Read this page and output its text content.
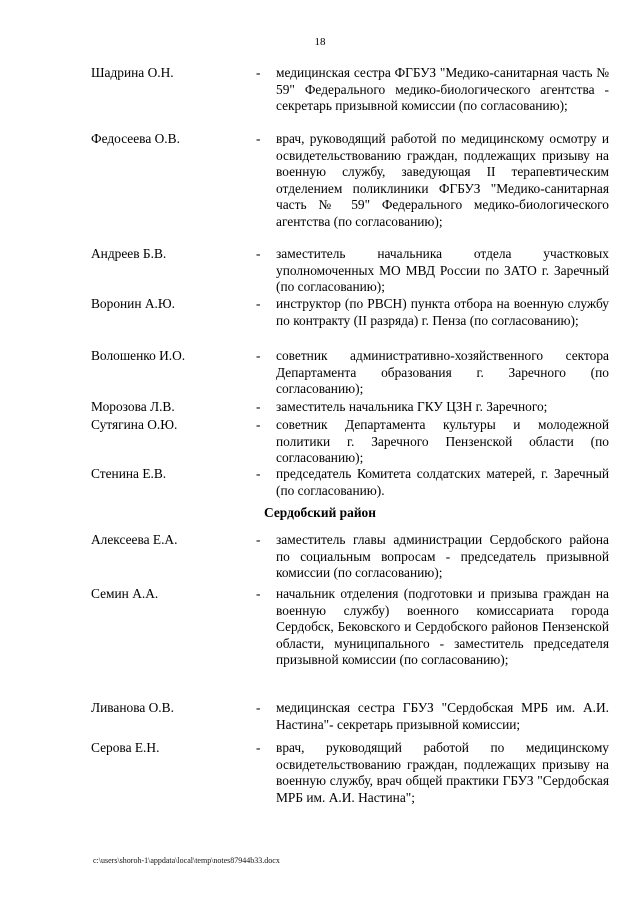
18
Шадрина О.Н.	- медицинская сестра ФГБУЗ "Медико-санитарная часть № 59" Федерального медико-биологического агентства - секретарь призывной комиссии (по согласованию);
Федосеева О.В.	- врач, руководящий работой по медицинскому осмотру и освидетельствованию граждан, подлежащих призыву на военную службу, заведующая II терапевтическим отделением поликлиники ФГБУЗ "Медико-санитарная часть № 59" Федерального медико-биологического агентства (по согласованию);
Андреев Б.В.	- заместитель начальника отдела участковых уполномоченных МО МВД России по ЗАТО г. Заречный (по согласованию);
Воронин А.Ю.	- инструктор (по РВСН) пункта отбора на военную службу по контракту (II разряда) г. Пенза (по согласованию);
Волошенко И.О.	- советник административно-хозяйственного сектора Департамента образования г. Заречного (по согласованию);
Морозова Л.В.	- заместитель начальника ГКУ ЦЗН г. Заречного;
Сутягина О.Ю.	- советник Департамента культуры и молодежной политики г. Заречного Пензенской области (по согласованию);
Стенина Е.В.	- председатель Комитета солдатских матерей, г. Заречный (по согласованию).
Сердобский район
Алексеева Е.А.	- заместитель главы администрации Сердобского района по социальным вопросам - председатель призывной комиссии (по согласованию);
Семин А.А.	- начальник отделения (подготовки и призыва граждан на военную службу) военного комиссариата города Сердобск, Бековского и Сердобского районов Пензенской области, муниципального - заместитель председателя призывной комиссии (по согласованию);
Ливанова О.В.	- медицинская сестра ГБУЗ "Сердобская МРБ им. А.И. Настина"- секретарь призывной комиссии;
Серова Е.Н.	- врач, руководящий работой по медицинскому освидетельствованию граждан, подлежащих призыву на военную службу, врач общей практики ГБУЗ "Сердобская МРБ им. А.И. Настина";
c:\users\shoroh-1\appdata\local\temp\notes87944b33.docx
